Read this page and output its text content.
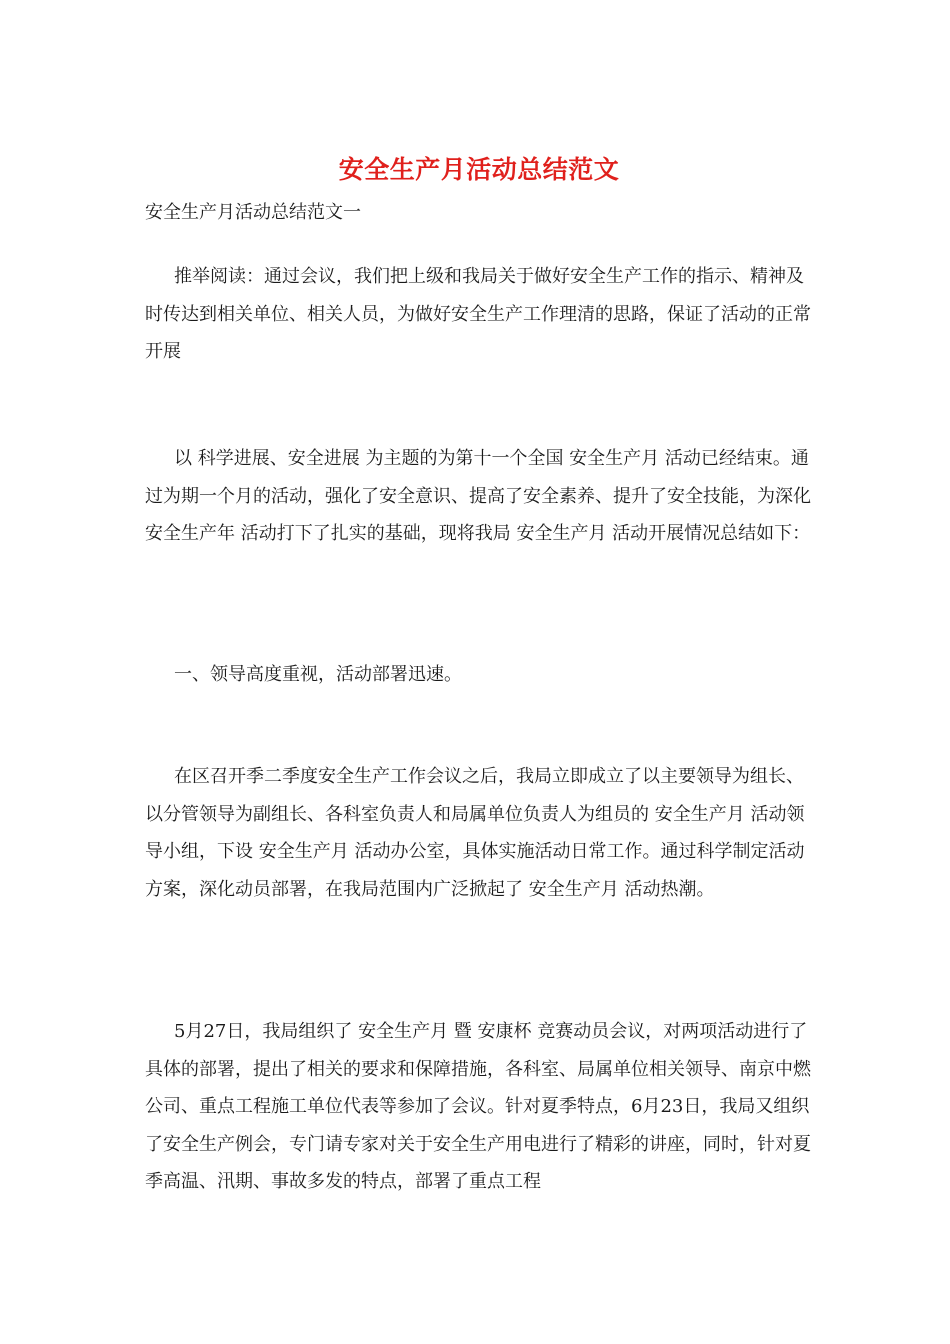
安全生产月活动总结范文
安全生产月活动总结范文一

推举阅读：通过会议，我们把上级和我局关于做好安全生产工作的指示、精神及时传达到相关单位、相关人员，为做好安全生产工作理清的思路，保证了活动的正常开展

以 科学进展、安全进展 为主题的为第十一个全国 安全生产月 活动已经结束。通过为期一个月的活动，强化了安全意识、提高了安全素养、提升了安全技能，为深化 安全生产年 活动打下了扎实的基础，现将我局 安全生产月 活动开展情况总结如下：

一、领导高度重视，活动部署迅速。

在区召开季二季度安全生产工作会议之后，我局立即成立了以主要领导为组长、以分管领导为副组长、各科室负责人和局属单位负责人为组员的 安全生产月 活动领导小组，下设 安全生产月 活动办公室，具体实施活动日常工作。通过科学制定活动方案，深化动员部署，在我局范围内广泛掀起了 安全生产月 活动热潮。

5月27日，我局组织了 安全生产月 暨 安康杯 竞赛动员会议，对两项活动进行了具体的部署，提出了相关的要求和保障措施，各科室、局属单位相关领导、南京中燃公司、重点工程施工单位代表等参加了会议。针对夏季特点，6月23日，我局又组织了安全生产例会，专门请专家对关于安全生产用电进行了精彩的讲座，同时，针对夏季高温、汛期、事故多发的特点，部署了重点工程
